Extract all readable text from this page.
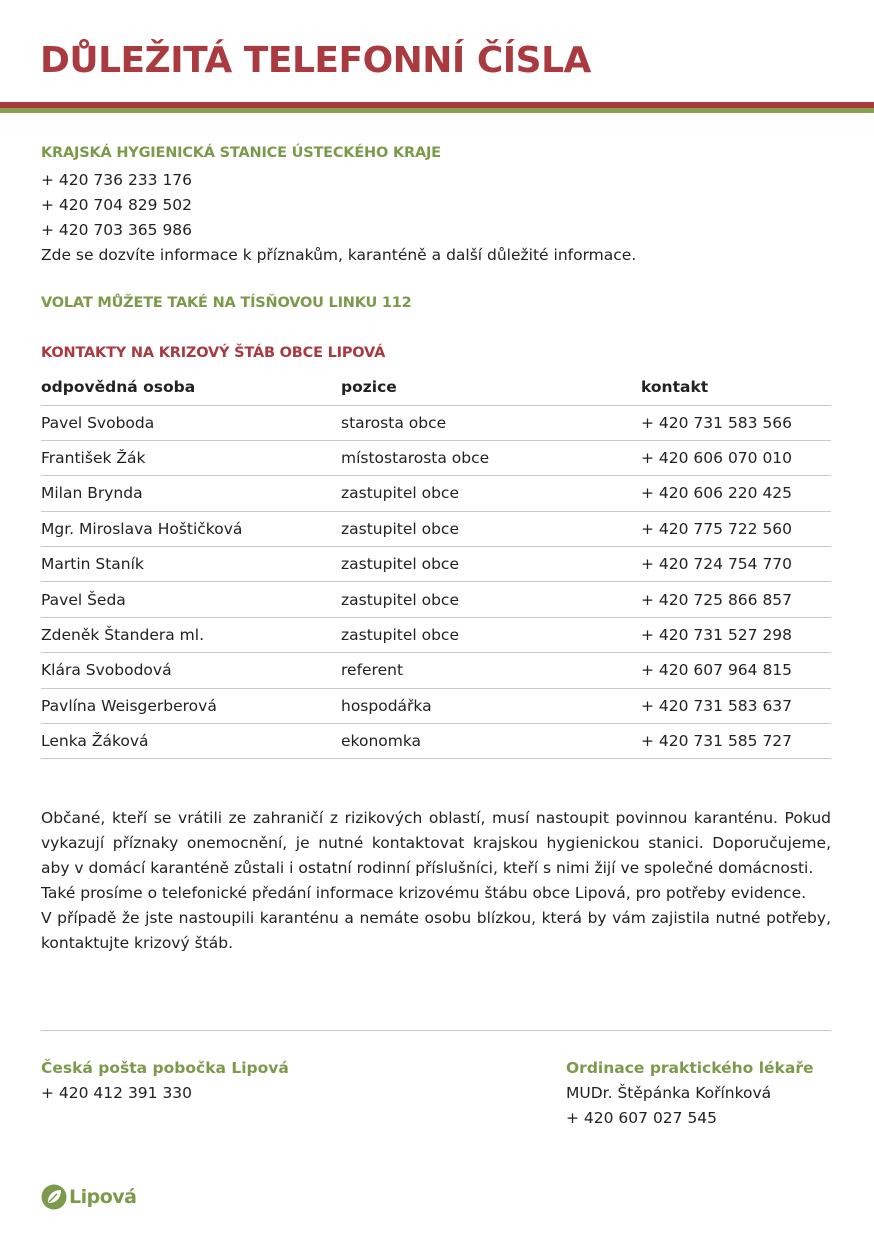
DŮLEŽITÁ TELEFONNÍ ČÍSLA
KRAJSKÁ HYGIENICKÁ STANICE ÚSTECKÉHO KRAJE
+ 420 736 233 176
+ 420 704 829 502
+ 420 703 365 986
Zde se dozvíte informace k příznakům, karanténě a další důležité informace.
VOLAT MŮŽETE TAKÉ NA TÍSŇOVOU LINKU 112
KONTAKTY NA KRIZOVÝ ŠTÁB OBCE LIPOVÁ
odpovědná osoba	pozice	kontakt
Pavel Svoboda	starosta obce	+ 420 731 583 566
František Žák	místostarosta obce	+ 420 606 070 010
Milan Brynda	zastupitel obce	+ 420 606 220 425
Mgr. Miroslava Hoštičková	zastupitel obce	+ 420 775 722 560
Martin Staník	zastupitel obce	+ 420 724 754 770
Pavel Šeda	zastupitel obce	+ 420 725 866 857
Zdeněk Štandera ml.	zastupitel obce	+ 420 731 527 298
Klára Svobodová	referent	+ 420 607 964 815
Pavlína Weisgerberová	hospodářka	+ 420 731 583 637
Lenka Žáková	ekonomka	+ 420 731 585 727

Občané, kteří se vrátili ze zahraničí z rizikových oblastí, musí nastoupit povinnou karanténu. Pokud vykazují příznaky onemocnění, je nutné kontaktovat krajskou hygienickou stanici. Doporučujeme, aby v domácí karanténě zůstali i ostatní rodinní příslušníci, kteří s nimi žijí ve společné domácnosti.

Také prosíme o telefonické předání informace krizovému štábu obce Lipová, pro potřeby evidence.

V případě že jste nastoupili karanténu a nemáte osobu blízkou, která by vám zajistila nutné potřeby, kontaktujte krizový štáb.

Česká pošta pobočka Lipová
+ 420 412 391 330
Ordinace praktického lékaře
MUDr. Štěpánka Kořínková
+ 420 607 027 545
Lipová
